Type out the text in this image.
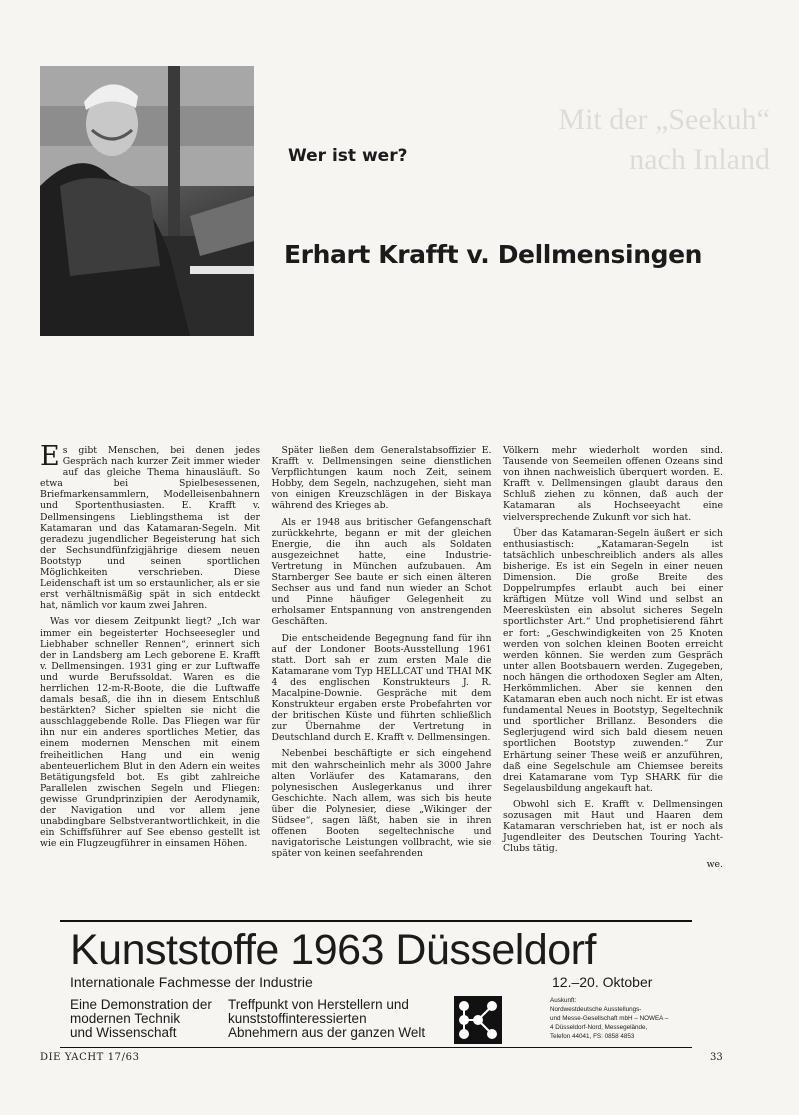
Mit der „Seekuh“
nach Inland
Wer ist wer?
Erhart Krafft v. Dellmensingen

Es gibt Menschen, bei denen jedes Gespräch nach kurzer Zeit immer wieder auf das gleiche Thema hinausläuft. So etwa bei Spielbesessenen, Briefmarkensammlern, Modelleisenbahnern und Sportenthusiasten. E. Krafft v. Dellmensingens Lieblingsthema ist der Katamaran und das Katamaran-Segeln. Mit geradezu jugendlicher Begeisterung hat sich der Sechsundfünfzigjährige diesem neuen Bootstyp und seinen sportlichen Möglichkeiten verschrieben. Diese Leidenschaft ist um so erstaunlicher, als er sie erst verhältnismäßig spät in sich entdeckt hat, nämlich vor kaum zwei Jahren.

Was vor diesem Zeitpunkt liegt? „Ich war immer ein begeisterter Hochseesegler und Liebhaber schneller Rennen“, erinnert sich der in Landsberg am Lech geborene E. Krafft v. Dellmensingen. 1931 ging er zur Luftwaffe und wurde Berufssoldat. Waren es die herrlichen 12-m-R-Boote, die die Luftwaffe damals besaß, die ihn in diesem Entschluß bestärkten? Sicher spielten sie nicht die ausschlaggebende Rolle. Das Fliegen war für ihn nur ein anderes sportliches Metier, das einem modernen Menschen mit einem freiheitlichen Hang und ein wenig abenteuerlichem Blut in den Adern ein weites Betätigungsfeld bot. Es gibt zahlreiche Parallelen zwischen Segeln und Fliegen: gewisse Grundprinzipien der Aerodynamik, der Navigation und vor allem jene unabdingbare Selbstverantwortlichkeit, in die ein Schiffsführer auf See ebenso gestellt ist wie ein Flugzeugführer in einsamen Höhen.

Später ließen dem Generalstabsoffizier E. Krafft v. Dellmensingen seine dienstlichen Verpflichtungen kaum noch Zeit, seinem Hobby, dem Segeln, nachzugehen, sieht man von einigen Kreuzschlägen in der Biskaya während des Krieges ab.

Als er 1948 aus britischer Gefangenschaft zurückkehrte, begann er mit der gleichen Energie, die ihn auch als Soldaten ausgezeichnet hatte, eine Industrie-Vertretung in München aufzubauen. Am Starnberger See baute er sich einen älteren Sechser aus und fand nun wieder an Schot und Pinne häufiger Gelegenheit zu erholsamer Entspannung von anstrengenden Geschäften.

Die entscheidende Begegnung fand für ihn auf der Londoner Boots-Ausstellung 1961 statt. Dort sah er zum ersten Male die Katamarane vom Typ HELLCAT und THAI MK 4 des englischen Konstrukteurs J. R. Macalpine-Downie. Gespräche mit dem Konstrukteur ergaben erste Probefahrten vor der britischen Küste und führten schließlich zur Übernahme der Vertretung in Deutschland durch E. Krafft v. Dellmensingen.

Nebenbei beschäftigte er sich eingehend mit den wahrscheinlich mehr als 3000 Jahre alten Vorläufer des Katamarans, den polynesischen Auslegerkanus und ihrer Geschichte. Nach allem, was sich bis heute über die Polynesier, diese „Wikinger der Südsee“, sagen läßt, haben sie in ihren offenen Booten segeltechnische und navigatorische Leistungen vollbracht, wie sie später von keinen seefahrenden

Völkern mehr wiederholt worden sind. Tausende von Seemeilen offenen Ozeans sind von ihnen nachweislich überquert worden. E. Krafft v. Dellmensingen glaubt daraus den Schluß ziehen zu können, daß auch der Katamaran als Hochseeyacht eine vielversprechende Zukunft vor sich hat.

Über das Katamaran-Segeln äußert er sich enthusiastisch: „Katamaran-Segeln ist tatsächlich unbeschreiblich anders als alles bisherige. Es ist ein Segeln in einer neuen Dimension. Die große Breite des Doppelrumpfes erlaubt auch bei einer kräftigen Mütze voll Wind und selbst an Meeresküsten ein absolut sicheres Segeln sportlichster Art.“ Und prophetisierend fährt er fort: „Geschwindigkeiten von 25 Knoten werden von solchen kleinen Booten erreicht werden können. Sie werden zum Gespräch unter allen Bootsbauern werden. Zugegeben, noch hängen die orthodoxen Segler am Alten, Herkömmlichen. Aber sie kennen den Katamaran eben auch noch nicht. Er ist etwas fundamental Neues in Bootstyp, Segeltechnik und sportlicher Brillanz. Besonders die Seglerjugend wird sich bald diesem neuen sportlichen Bootstyp zuwenden.“ Zur Erhärtung seiner These weiß er anzuführen, daß eine Segelschule am Chiemsee bereits drei Katamarane vom Typ SHARK für die Segelausbildung angekauft hat.

Obwohl sich E. Krafft v. Dellmensingen sozusagen mit Haut und Haaren dem Katamaran verschrieben hat, ist er noch als Jugendleiter des Deutschen Touring Yacht-Clubs tätig.

we.
Kunststoffe 1963 Düsseldorf
Internationale Fachmesse der Industrie	12.–20. Oktober
Eine Demonstration der
modernen Technik
und Wissenschaft
Treffpunkt von Herstellern und
kunststoffinteressierten
Abnehmern aus der ganzen Welt
Auskunft:
Nordwestdeutsche Ausstellungs-
und Messe-Gesellschaft mbH – NOWEA –
4 Düsseldorf-Nord, Messegelände,
Telefon 44041, FS: 0858 4853
DIE YACHT 17/63	33
